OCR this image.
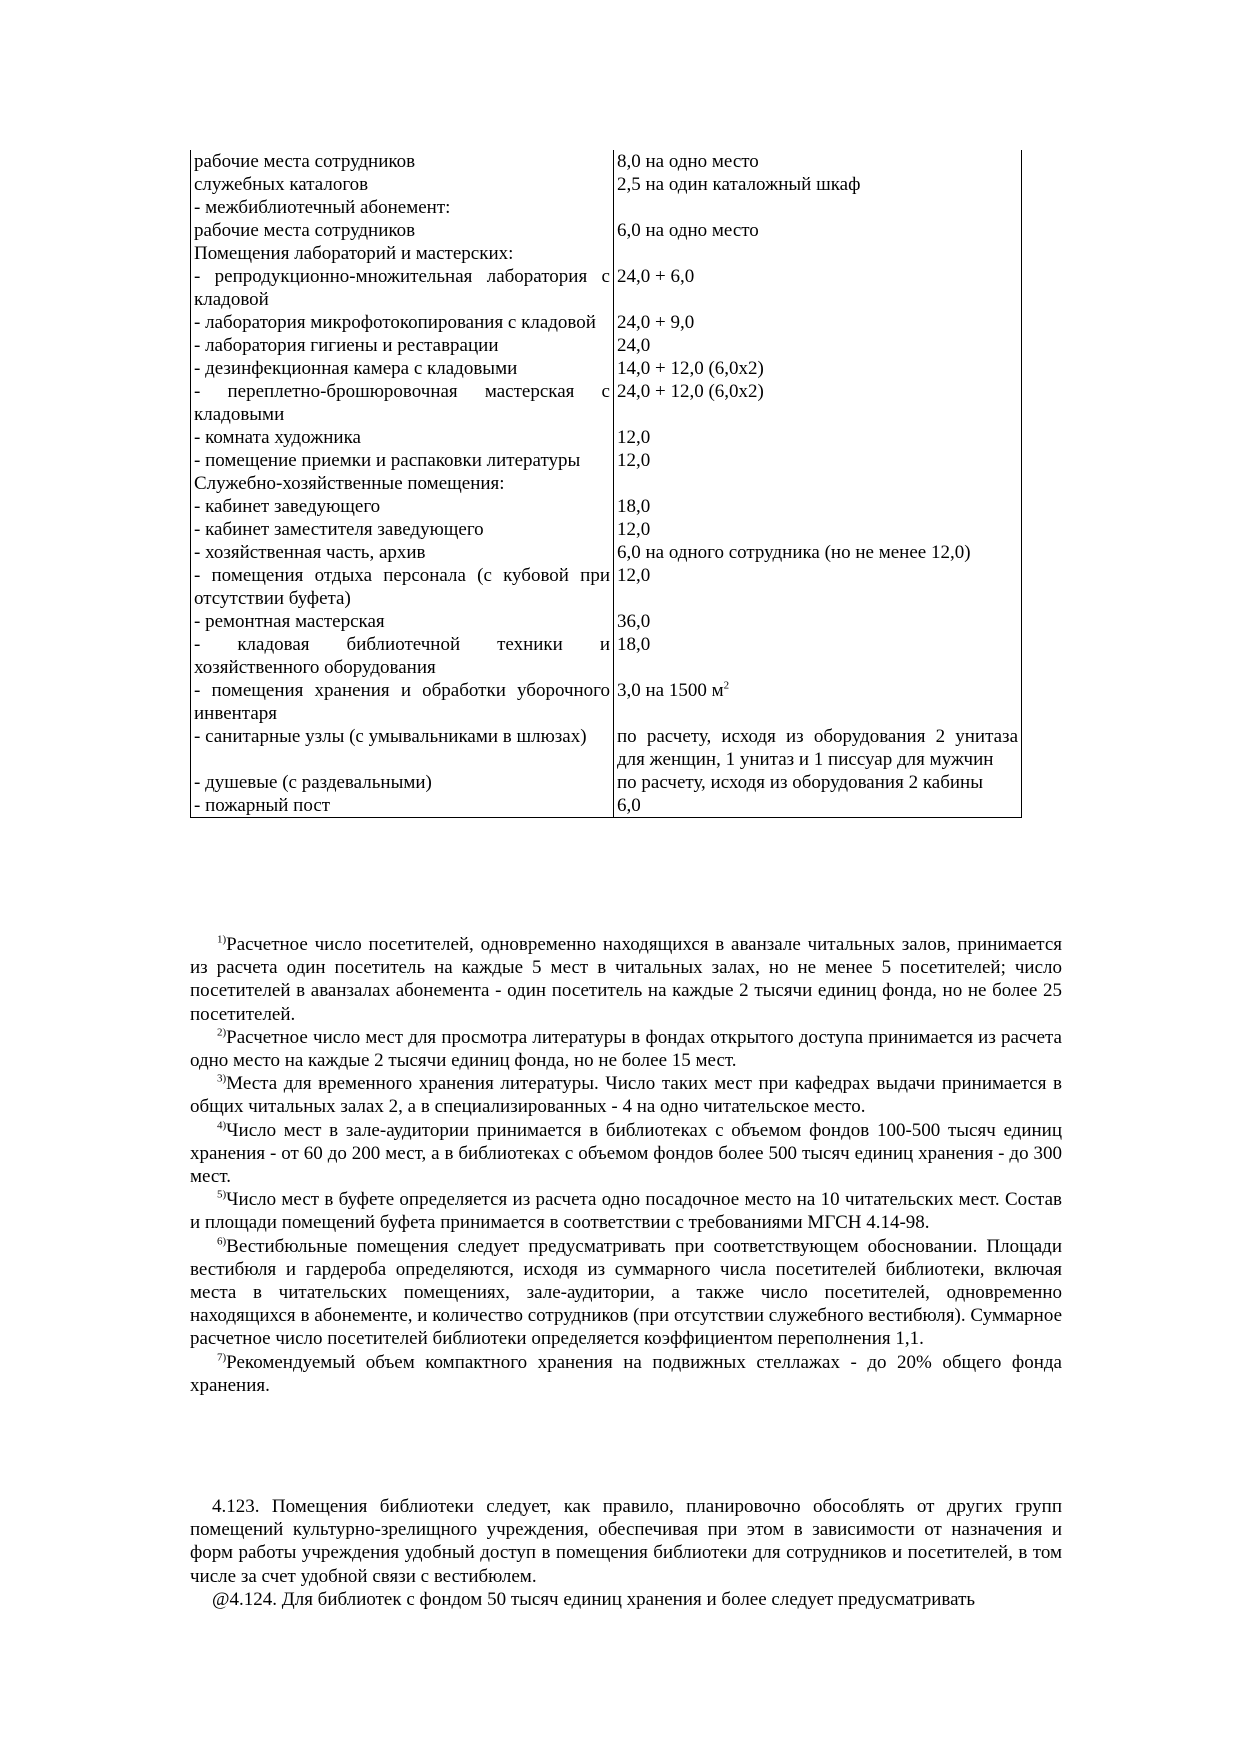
рабочие места сотрудников	8,0 на одно место
служебных каталогов	2,5 на один каталожный шкаф
- межбиблиотечный абонемент:	
рабочие места сотрудников	6,0 на одно место
Помещения лабораторий и мастерских:	
- репродукционно-множительная лаборатория с кладовой	24,0 + 6,0
- лаборатория микрофотокопирования с кладовой	24,0 + 9,0
- лаборатория гигиены и реставрации	24,0
- дезинфекционная камера с кладовыми	14,0 + 12,0 (6,0x2)
- переплетно-брошюровочная мастерская с кладовыми	24,0 + 12,0 (6,0x2)
- комната художника	12,0
- помещение приемки и распаковки литературы	12,0
Служебно-хозяйственные помещения:	
- кабинет заведующего	18,0
- кабинет заместителя заведующего	12,0
- хозяйственная часть, архив	6,0 на одного сотрудника (но не менее 12,0)
- помещения отдыха персонала (с кубовой при отсутствии буфета)	12,0
- ремонтная мастерская	36,0
- кладовая библиотечной техники и хозяйственного оборудования	18,0
- помещения хранения и обработки уборочного инвентаря	3,0 на 1500 $м^2$
- санитарные узлы (с умывальниками в шлюзах)	по расчету, исходя из оборудования 2 унитаза для женщин, 1 унитаз и 1 писсуар для мужчин
- душевые (с раздевальными)	по расчету, исходя из оборудования 2 кабины
- пожарный пост	6,0

$^{1)}$Расчетное число посетителей, одновременно находящихся в аванзале читальных залов, принимается из расчета один посетитель на каждые 5 мест в читальных залах, но не менее 5 посетителей; число посетителей в аванзалах абонемента - один посетитель на каждые 2 тысячи единиц фонда, но не более 25 посетителей.

$^{2)}$Расчетное число мест для просмотра литературы в фондах открытого доступа принимается из расчета одно место на каждые 2 тысячи единиц фонда, но не более 15 мест.

$^{3)}$Места для временного хранения литературы. Число таких мест при кафедрах выдачи принимается в общих читальных залах 2, а в специализированных - 4 на одно читательское место.

$^{4)}$Число мест в зале-аудитории принимается в библиотеках с объемом фондов 100-500 тысяч единиц хранения - от 60 до 200 мест, а в библиотеках с объемом фондов более 500 тысяч единиц хранения - до 300 мест.

$^{5)}$Число мест в буфете определяется из расчета одно посадочное место на 10 читательских мест. Состав и площади помещений буфета принимается в соответствии с требованиями МГСН 4.14-98.

$^{6)}$Вестибюльные помещения следует предусматривать при соответствующем обосновании. Площади вестибюля и гардероба определяются, исходя из суммарного числа посетителей библиотеки, включая места в читательских помещениях, зале-аудитории, а также число посетителей, одновременно находящихся в абонементе, и количество сотрудников (при отсутствии служебного вестибюля). Суммарное расчетное число посетителей библиотеки определяется коэффициентом переполнения 1,1.

$^{7)}$Рекомендуемый объем компактного хранения на подвижных стеллажах - до 20% общего фонда хранения.

4.123. Помещения библиотеки следует, как правило, планировочно обособлять от других групп помещений культурно-зрелищного учреждения, обеспечивая при этом в зависимости от назначения и форм работы учреждения удобный доступ в помещения библиотеки для сотрудников и посетителей, в том числе за счет удобной связи с вестибюлем.

@4.124. Для библиотек с фондом 50 тысяч единиц хранения и более следует предусматривать
